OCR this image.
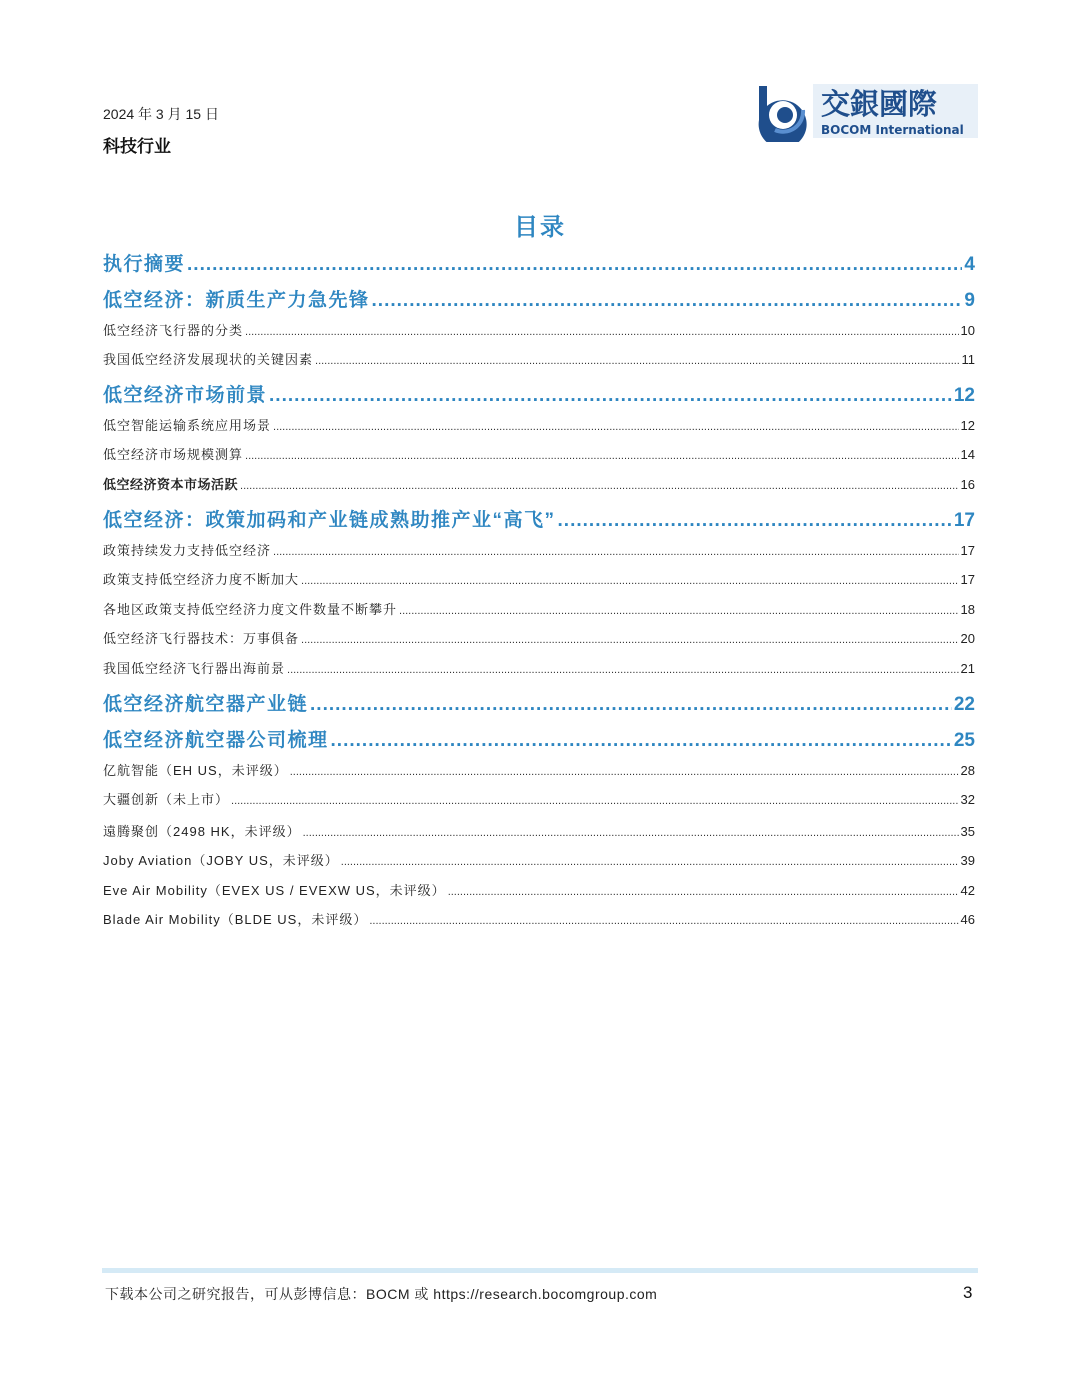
2024 年 3 月 15 日
科技行业
交銀國際
BOCOM International
目录
执行摘要 .....	4
低空经济：新质生产力急先锋 .....	9
低空经济飞行器的分类 .....	10
我国低空经济发展现状的关键因素 .....	11
低空经济市场前景 .....	12
低空智能运输系统应用场景 .....	12
低空经济市场规模测算 .....	14
低空经济资本市场活跃 .....	16
低空经济：政策加码和产业链成熟助推产业“高飞” .....	17
政策持续发力支持低空经济 .....	17
政策支持低空经济力度不断加大 .....	17
各地区政策支持低空经济力度文件数量不断攀升 .....	18
低空经济飞行器技术：万事俱备 .....	20
我国低空经济飞行器出海前景 .....	21
低空经济航空器产业链 .....	22
低空经济航空器公司梳理 .....	25
亿航智能（EH US，未评级） .....	28
大疆创新（未上市） .....	32
遠腾聚创（2498 HK，未评级） .....	35
Joby Aviation（JOBY US，未评级） .....	39
Eve Air Mobility（EVEX US / EVEXW US，未评级） .....	42
Blade Air Mobility（BLDE US，未评级） .....	46
下载本公司之研究报告，可从彭博信息：BOCM 或 https://research.bocomgroup.com	3
